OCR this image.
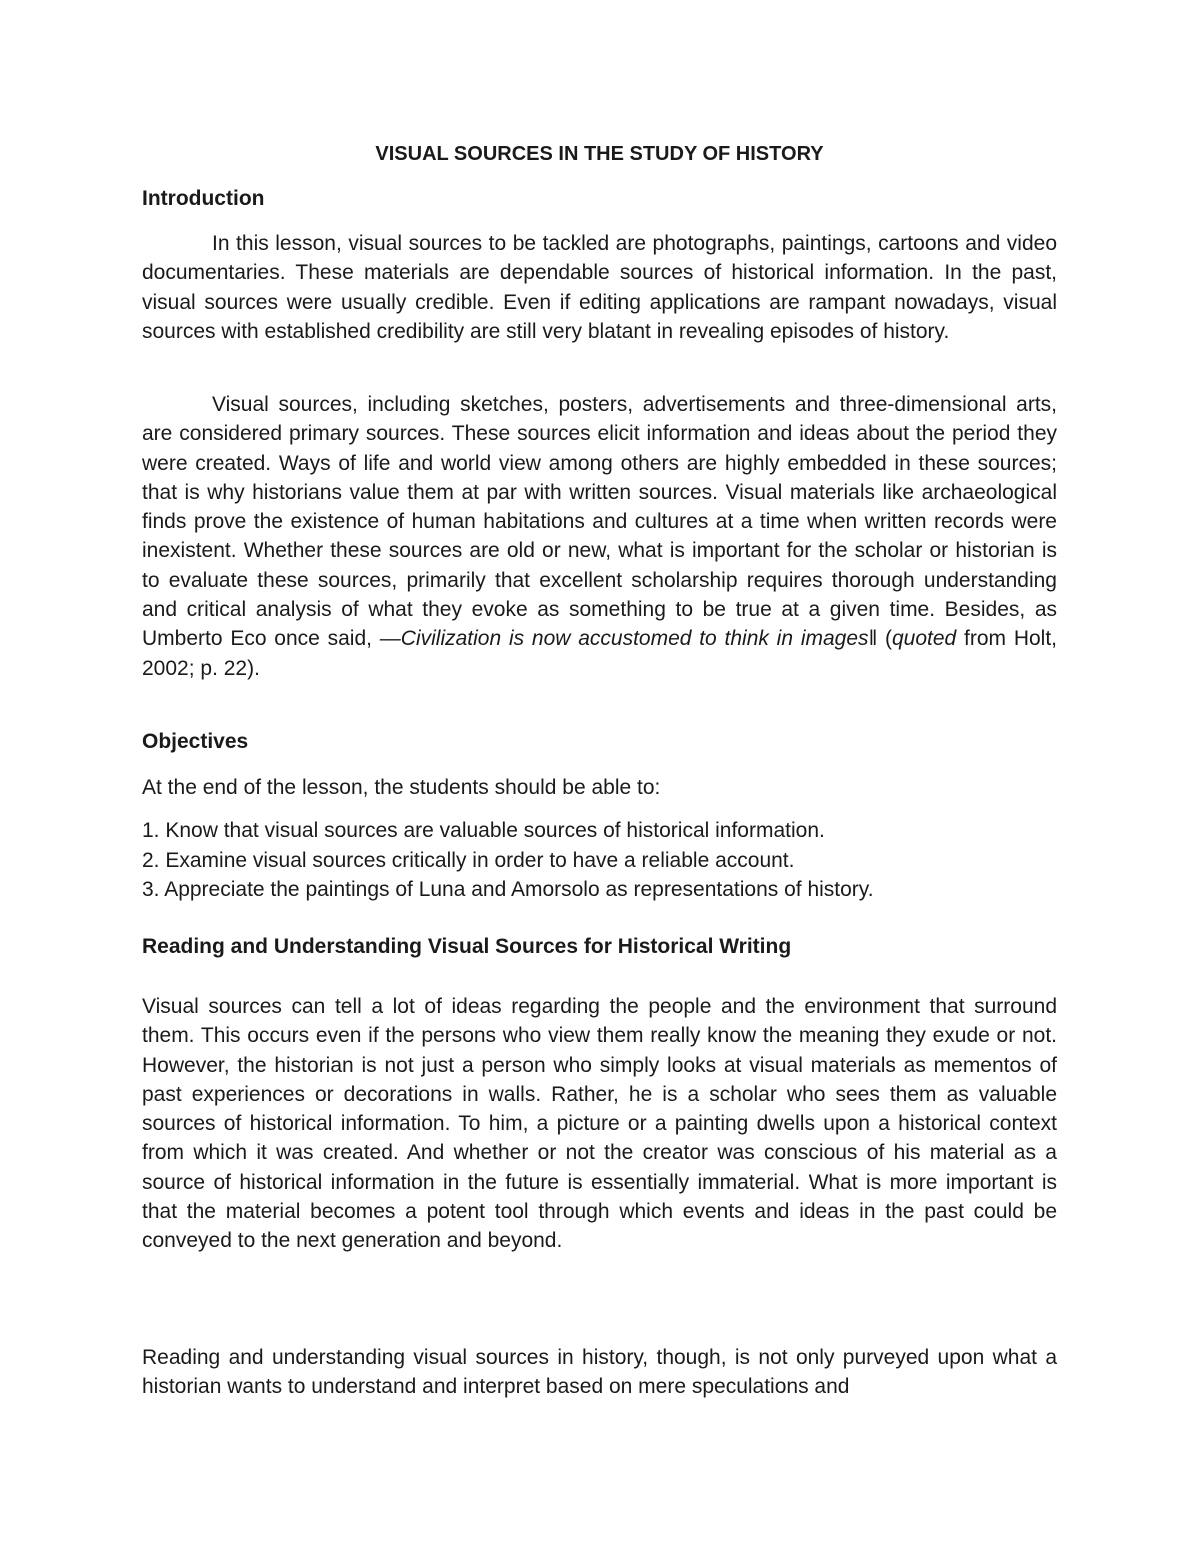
VISUAL SOURCES IN THE STUDY OF HISTORY
Introduction

In this lesson, visual sources to be tackled are photographs, paintings, cartoons and video documentaries. These materials are dependable sources of historical information. In the past, visual sources were usually credible. Even if editing applications are rampant nowadays, visual sources with established credibility are still very blatant in revealing episodes of history.

Visual sources, including sketches, posters, advertisements and three-dimensional arts, are considered primary sources. These sources elicit information and ideas about the period they were created. Ways of life and world view among others are highly embedded in these sources; that is why historians value them at par with written sources. Visual materials like archaeological finds prove the existence of human habitations and cultures at a time when written records were inexistent. Whether these sources are old or new, what is important for the scholar or historian is to evaluate these sources, primarily that excellent scholarship requires thorough understanding and critical analysis of what they evoke as something to be true at a given time. Besides, as Umberto Eco once said, ―Civilization is now accustomed to think in images‖ (quoted from Holt, 2002; p. 22).

Objectives

At the end of the lesson, the students should be able to:

1. Know that visual sources are valuable sources of historical information.
2. Examine visual sources critically in order to have a reliable account.
3. Appreciate the paintings of Luna and Amorsolo as representations of history.
Reading and Understanding Visual Sources for Historical Writing

Visual sources can tell a lot of ideas regarding the people and the environment that surround them. This occurs even if the persons who view them really know the meaning they exude or not. However, the historian is not just a person who simply looks at visual materials as mementos of past experiences or decorations in walls. Rather, he is a scholar who sees them as valuable sources of historical information. To him, a picture or a painting dwells upon a historical context from which it was created. And whether or not the creator was conscious of his material as a source of historical information in the future is essentially immaterial. What is more important is that the material becomes a potent tool through which events and ideas in the past could be conveyed to the next generation and beyond.

Reading and understanding visual sources in history, though, is not only purveyed upon what a historian wants to understand and interpret based on mere speculations and
